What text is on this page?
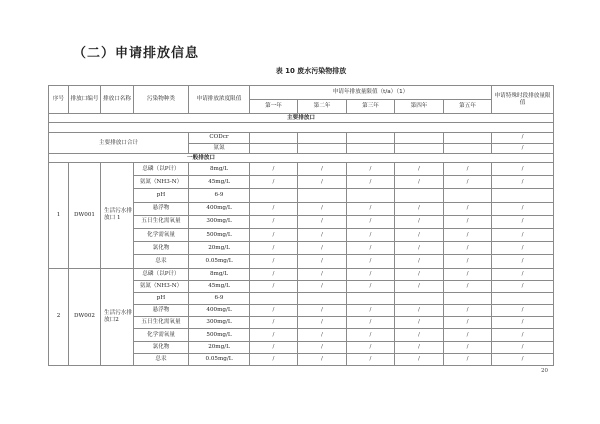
（二）申请排放信息
表 10 废水污染物排放
序号	排放口编号	排放口名称	污染物种类	申请排放浓度限值	申请年排放量限值（t/a）（1）					申请特殊时段排放量限值
					第一年	第二年	第三年	第四年	第五年	
主要排放口										

主要排放口合计				CODcr						/
				氨氮						/
一般排放口										
1	DW001	生活污水排放口 1	总磷（以P计）	8mg/L	/	/	/	/	/	/
			氨氮（NH3-N）	45mg/L	/	/	/	/	/	/
			pH	6-9						
			悬浮物	400mg/L	/	/	/	/	/	/
			五日生化需氧量	300mg/L	/	/	/	/	/	/
			化学需氧量	500mg/L	/	/	/	/	/	/
			氯化物	20mg/L	/	/	/	/	/	/
			总汞	0.05mg/L	/	/	/	/	/	/
2	DW002	生活污水排放口2	总磷（以P计）	8mg/L	/	/	/	/	/	/
			氨氮（NH3-N）	45mg/L	/	/	/	/	/	/
			pH	6-9						
			悬浮物	400mg/L	/	/	/	/	/	/
			五日生化需氧量	300mg/L	/	/	/	/	/	/
			化学需氧量	500mg/L	/	/	/	/	/	/
			氯化物	20mg/L	/	/	/	/	/	/
			总汞	0.05mg/L	/	/	/	/	/	/
20
